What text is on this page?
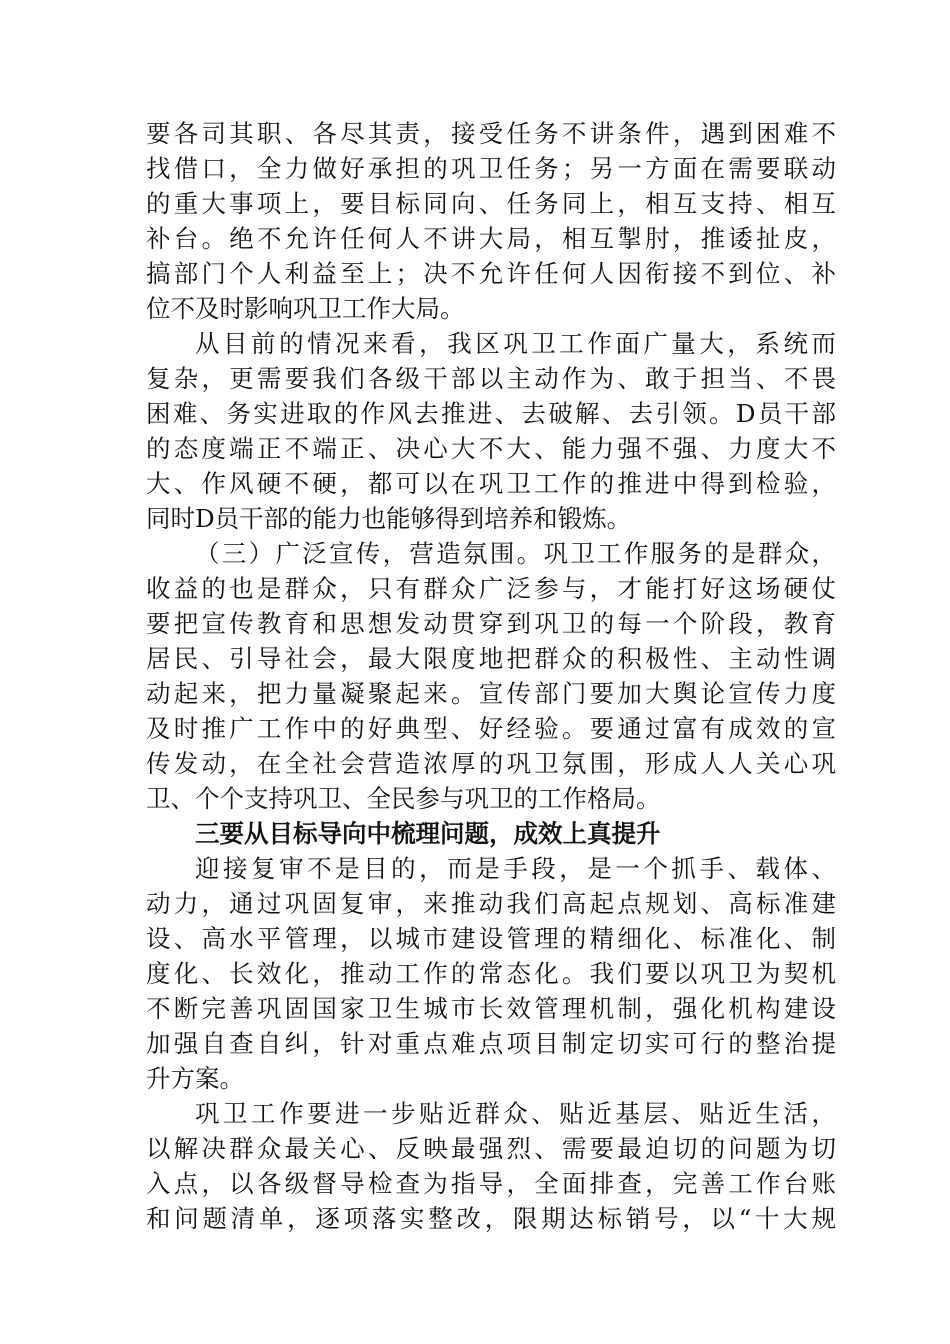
要各司其职、各尽其责，接受任务不讲条件，遇到困难不
找借口，全力做好承担的巩卫任务；另一方面在需要联动
的重大事项上，要目标同向、任务同上，相互支持、相互
补台。绝不允许任何人不讲大局，相互掣肘，推诿扯皮，
搞部门个人利益至上；决不允许任何人因衔接不到位、补
位不及时影响巩卫工作大局。
从目前的情况来看，我区巩卫工作面广量大，系统而
复杂，更需要我们各级干部以主动作为、敢于担当、不畏
困难、务实进取的作风去推进、去破解、去引领。D员干部
的态度端正不端正、决心大不大、能力强不强、力度大不
大、作风硬不硬，都可以在巩卫工作的推进中得到检验，
同时D员干部的能力也能够得到培养和锻炼。
（三）广泛宣传，营造氛围。巩卫工作服务的是群众，
收益的也是群众，只有群众广泛参与，才能打好这场硬仗
要把宣传教育和思想发动贯穿到巩卫的每一个阶段，教育
居民、引导社会，最大限度地把群众的积极性、主动性调
动起来，把力量凝聚起来。宣传部门要加大舆论宣传力度
及时推广工作中的好典型、好经验。要通过富有成效的宣
传发动，在全社会营造浓厚的巩卫氛围，形成人人关心巩
卫、个个支持巩卫、全民参与巩卫的工作格局。
三要从目标导向中梳理问题，成效上真提升
迎接复审不是目的，而是手段，是一个抓手、载体、
动力，通过巩固复审，来推动我们高起点规划、高标准建
设、高水平管理，以城市建设管理的精细化、标准化、制
度化、长效化，推动工作的常态化。我们要以巩卫为契机
不断完善巩固国家卫生城市长效管理机制，强化机构建设
加强自查自纠，针对重点难点项目制定切实可行的整治提
升方案。
巩卫工作要进一步贴近群众、贴近基层、贴近生活，
以解决群众最关心、反映最强烈、需要最迫切的问题为切
入点，以各级督导检查为指导，全面排查，完善工作台账
和问题清单，逐项落实整改，限期达标销号，以“十大规
